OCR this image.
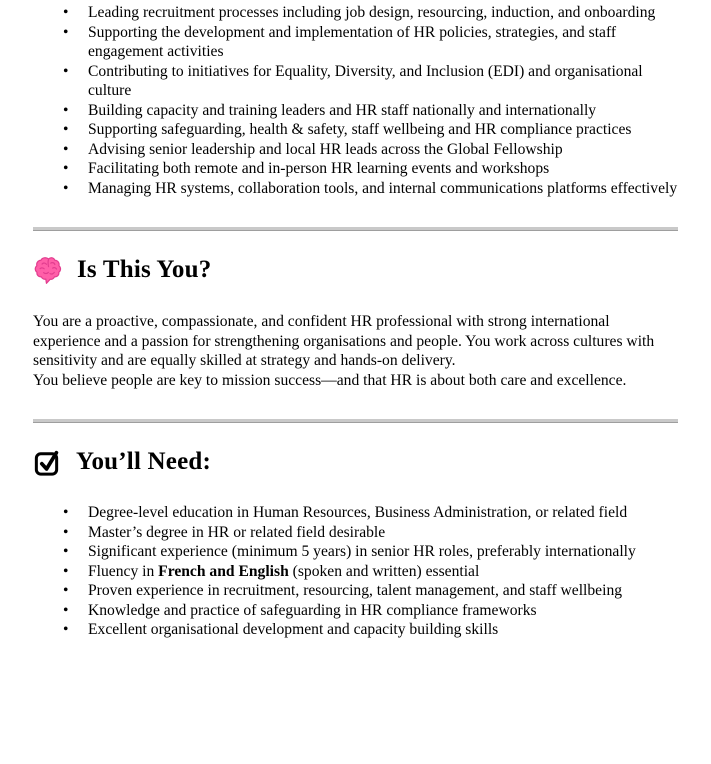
• Leading recruitment processes including job design, resourcing, induction, and onboarding
• Supporting the development and implementation of HR policies, strategies, and staff engagement activities
• Contributing to initiatives for Equality, Diversity, and Inclusion (EDI) and organisational culture
• Building capacity and training leaders and HR staff nationally and internationally
• Supporting safeguarding, health & safety, staff wellbeing and HR compliance practices
• Advising senior leadership and local HR leads across the Global Fellowship
• Facilitating both remote and in-person HR learning events and workshops
• Managing HR systems, collaboration tools, and internal communications platforms effectively
Is This You?
You are a proactive, compassionate, and confident HR professional with strong international experience and a passion for strengthening organisations and people. You work across cultures with sensitivity and are equally skilled at strategy and hands-on delivery.
You believe people are key to mission success—and that HR is about both care and excellence.
You’ll Need:
• Degree-level education in Human Resources, Business Administration, or related field
• Master’s degree in HR or related field desirable
• Significant experience (minimum 5 years) in senior HR roles, preferably internationally
• Fluency in French and English (spoken and written) essential
• Proven experience in recruitment, resourcing, talent management, and staff wellbeing
• Knowledge and practice of safeguarding in HR compliance frameworks
• Excellent organisational development and capacity building skills
